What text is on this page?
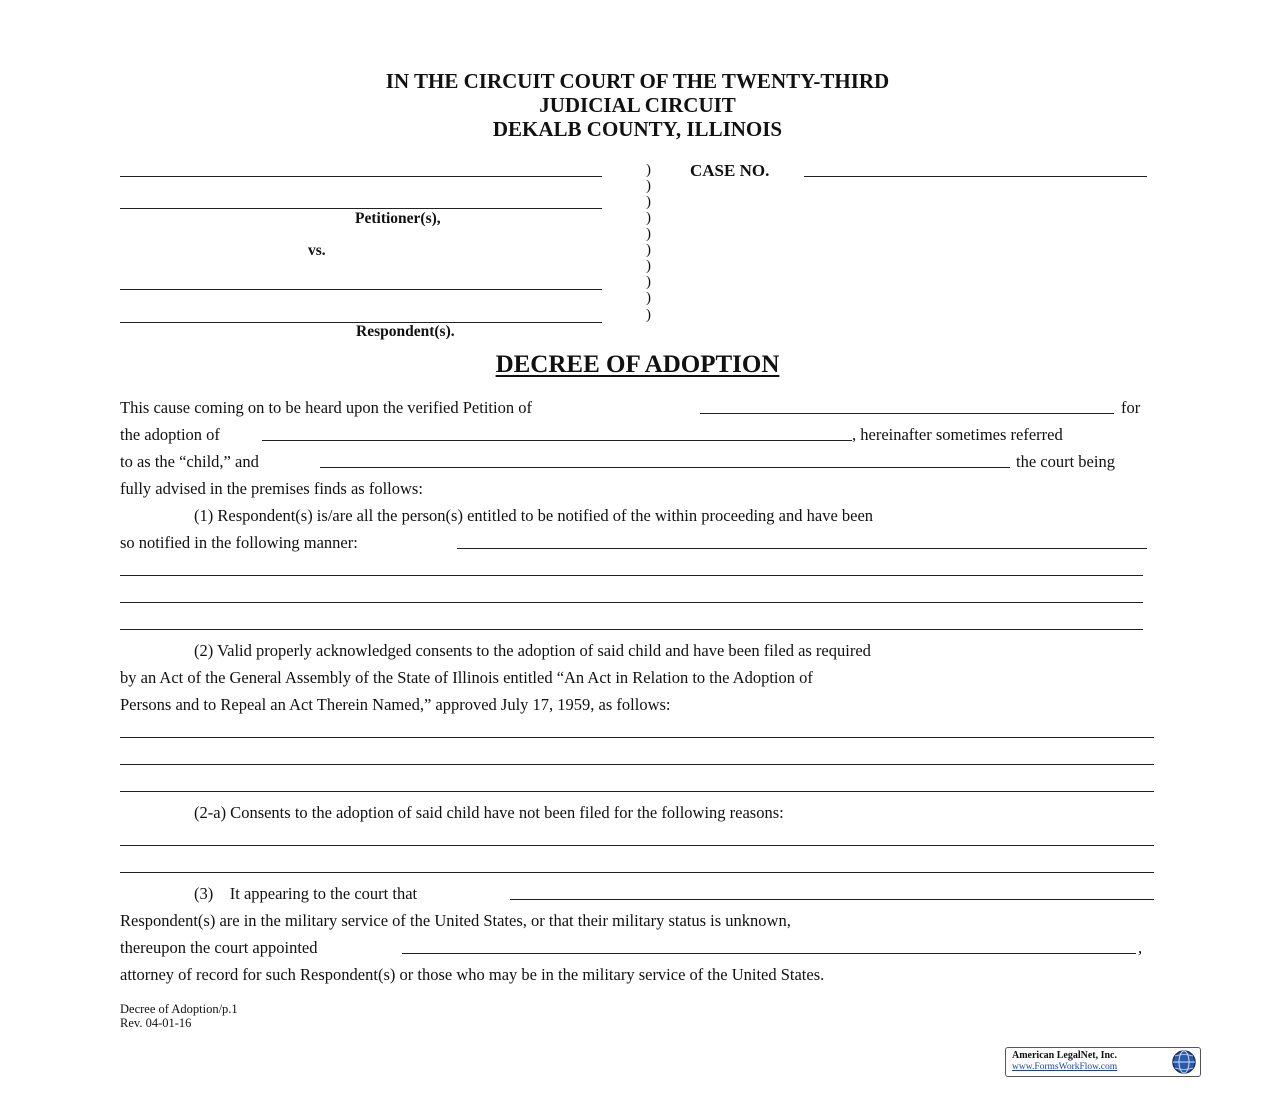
IN THE CIRCUIT COURT OF THE TWENTY-THIRD
JUDICIAL CIRCUIT
DEKALB COUNTY, ILLINOIS
Petitioner(s),
vs.
Respondent(s).
)
)
)
)
)
)
)
)
)
)
CASE NO.
DECREE OF ADOPTION
This cause coming on to be heard upon the verified Petition of	for
the adoption of	, hereinafter sometimes referred
to as the “child,” and	the court being
fully advised in the premises finds as follows:
(1) Respondent(s) is/are all the person(s) entitled to be notified of the within proceeding and have been
so notified in the following manner:
(2) Valid properly acknowledged consents to the adoption of said child and have been filed as required
by an Act of the General Assembly of the State of Illinois entitled “An Act in Relation to the Adoption of
Persons and to Repeal an Act Therein Named,” approved July 17, 1959, as follows:
(2-a) Consents to the adoption of said child have not been filed for the following reasons:
(3)    It appearing to the court that
Respondent(s) are in the military service of the United States, or that their military status is unknown,
thereupon the court appointed	,
attorney of record for such Respondent(s) or those who may be in the military service of the United States.
Decree of Adoption/p.1
Rev. 04-01-16
American LegalNet, Inc.
www.FormsWorkFlow.com
